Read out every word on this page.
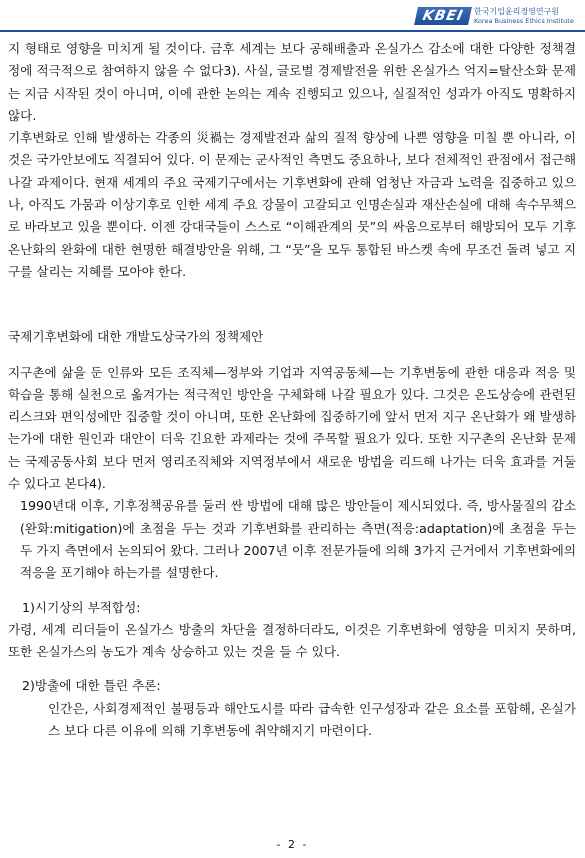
KBEI	한국기업윤리경영연구원
Korea Business Ethics Institute

지 형태로 영향을 미치게 될 것이다. 금후 세계는 보다 공해배출과 온실가스 감소에 대한 다양한 정책결정에 적극적으로 참여하지 않을 수 없다3). 사실, 글로벌 경제발전을 위한 온실가스 억지=탈산소화 문제는 지금 시작된 것이 아니며, 이에 관한 논의는 계속 진행되고 있으나, 실질적인 성과가 아직도 명확하지 않다.

기후변화로 인해 발생하는 각종의 災禍는 경제발전과 삶의 질적 향상에 나쁜 영향을 미칠 뿐 아니라, 이것은 국가안보에도 직결되어 있다. 이 문제는 군사적인 측면도 중요하나, 보다 전체적인 관점에서 접근해 나갈 과제이다. 현재 세계의 주요 국제기구에서는 기후변화에 관해 엄청난 자금과 노력을 집중하고 있으나, 아직도 가뭄과 이상기후로 인한 세계 주요 강물이 고갈되고 인명손실과 재산손실에 대해 속수무책으로 바라보고 있을 뿐이다. 이젠 강대국들이 스스로 “이해관계의 뭇”의 싸움으로부터 해방되어 모두 기후온난화의 완화에 대한 현명한 해결방안을 위해, 그 “뭇”을 모두 통합된 바스켓 속에 무조건 돌려 넣고 지구를 살리는 지혜를 모아야 한다.

국제기후변화에 대한 개발도상국가의 정책제안

지구촌에 삶을 둔 인류와 모든 조직체—정부와 기업과 지역공동체—는 기후변동에 관한 대응과 적응 및 학습을 통해 실천으로 옮겨가는 적극적인 방안을 구체화해 나갈 필요가 있다. 그것은 온도상승에 관련된 리스크와 편익성에만 집중할 것이 아니며, 또한 온난화에 집중하기에 앞서 먼저 지구 온난화가 왜 발생하는가에 대한 원인과 대안이 더욱 긴요한 과제라는 것에 주목할 필요가 있다. 또한 지구촌의 온난화 문제는 국제공동사회 보다 먼저 영리조직체와 지역정부에서 새로운 방법을 리드해 나가는 더욱 효과를 거둘 수 있다고 본다4).

1990년대 이후, 기후정책공유를 둘러 싼 방법에 대해 많은 방안들이 제시되었다. 즉, 방사물질의 감소(완화:mitigation)에 초점을 두는 것과 기후변화를 관리하는 측면(적응:adaptation)에 초점을 두는 두 가지 측면에서 논의되어 왔다. 그러나 2007년 이후 전문가들에 의해 3가지 근거에서 기후변화에의 적응을 포기해야 하는가를 설명한다.

1)시기상의 부적합성:

가령, 세계 리더들이 온실가스 방출의 차단을 결정하더라도, 이것은 기후변화에 영향을 미치지 못하며, 또한 온실가스의 농도가 계속 상승하고 있는 것을 들 수 있다.

2)방출에 대한 틀린 추론:

인간은, 사회경제적인 불평등과 해안도시를 따라 급속한 인구성장과 같은 요소를 포함해, 온실가스 보다 다른 이유에 의해 기후변동에 취약해지기 마련이다.

- 2 -
